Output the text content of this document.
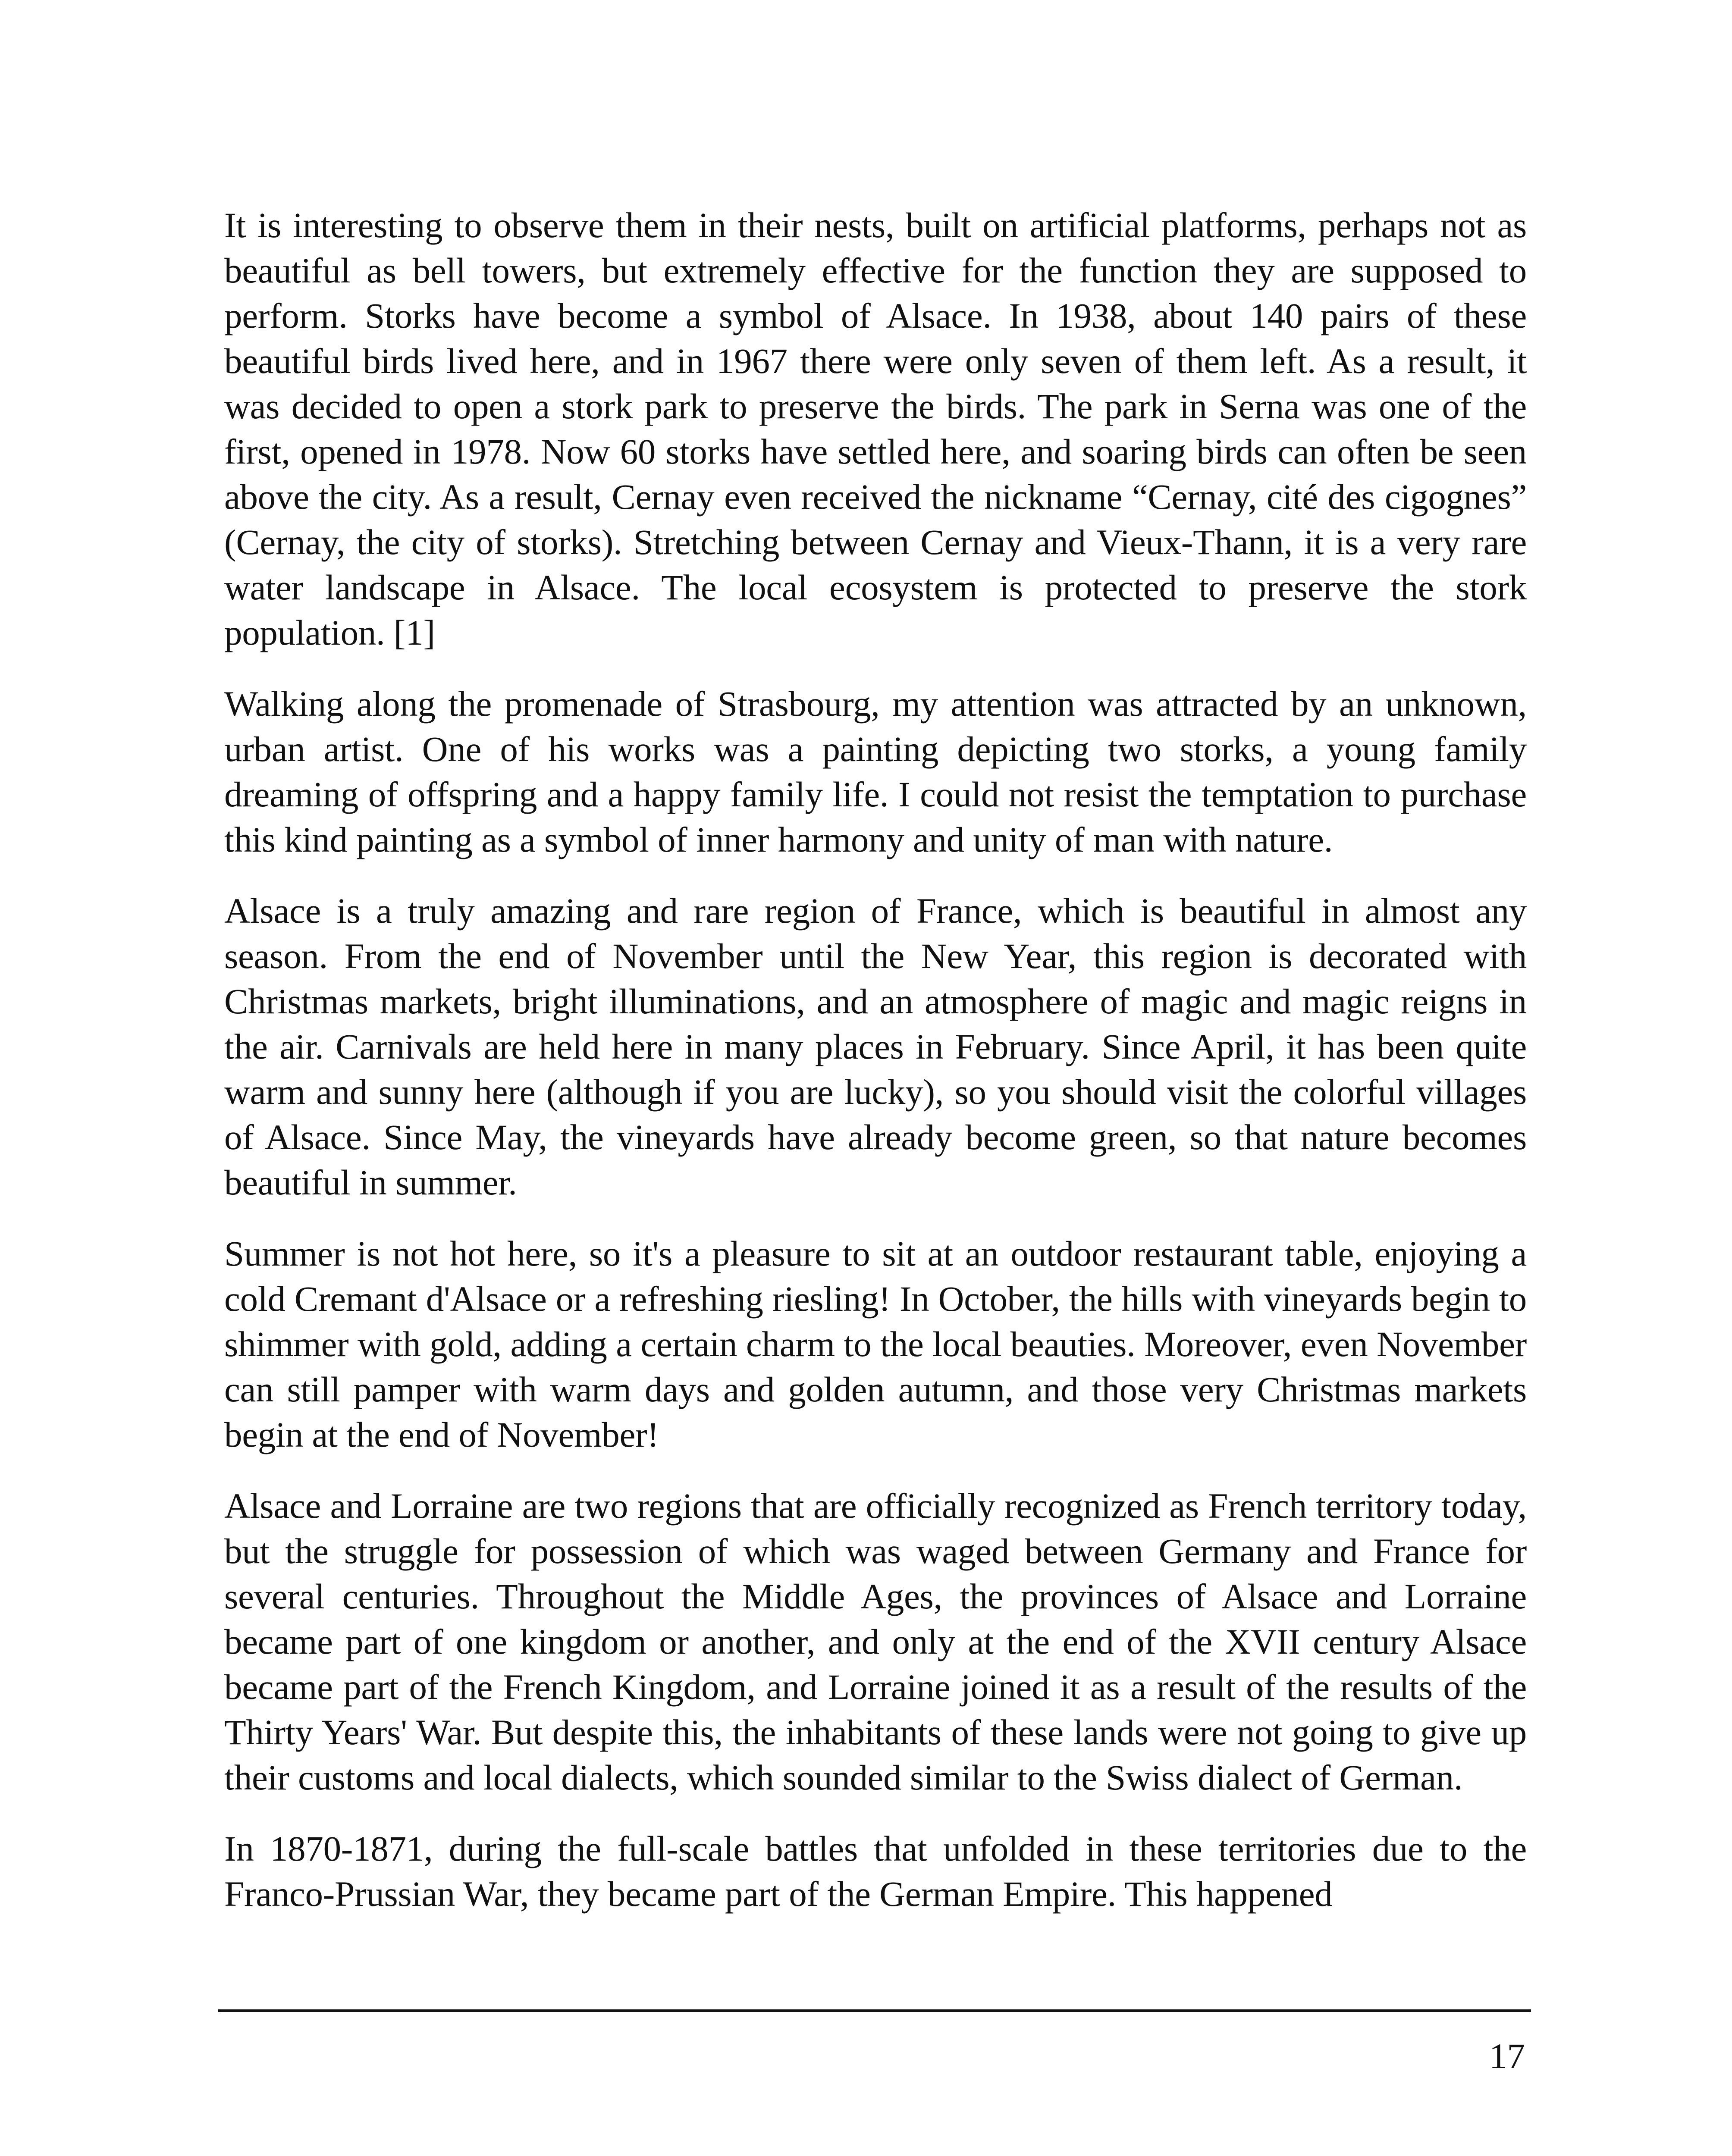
It is interesting to observe them in their nests, built on artificial platforms, perhaps not as beautiful as bell towers, but extremely effective for the function they are supposed to perform. Storks have become a symbol of Alsace. In 1938, about 140 pairs of these beautiful birds lived here, and in 1967 there were only seven of them left. As a result, it was decided to open a stork park to preserve the birds. The park in Serna was one of the first, opened in 1978. Now 60 storks have settled here, and soaring birds can often be seen above the city. As a result, Cernay even received the nickname “Cernay, cité des cigognes” (Cernay, the city of storks). Stretching between Cernay and Vieux-Thann, it is a very rare water landscape in Alsace. The local ecosystem is protected to preserve the stork population. [1]

Walking along the promenade of Strasbourg, my attention was attracted by an unknown, urban artist. One of his works was a painting depicting two storks, a young family dreaming of offspring and a happy family life. I could not resist the temptation to purchase this kind painting as a symbol of inner harmony and unity of man with nature.

Alsace is a truly amazing and rare region of France, which is beautiful in almost any season. From the end of November until the New Year, this region is decorated with Christmas markets, bright illuminations, and an atmosphere of magic and magic reigns in the air. Carnivals are held here in many places in February. Since April, it has been quite warm and sunny here (although if you are lucky), so you should visit the colorful villages of Alsace. Since May, the vineyards have already become green, so that nature becomes beautiful in summer.

Summer is not hot here, so it's a pleasure to sit at an outdoor restaurant table, enjoying a cold Cremant d'Alsace or a refreshing riesling! In October, the hills with vineyards begin to shimmer with gold, adding a certain charm to the local beauties. Moreover, even November can still pamper with warm days and golden autumn, and those very Christmas markets begin at the end of November!

Alsace and Lorraine are two regions that are officially recognized as French territory today, but the struggle for possession of which was waged between Germany and France for several centuries. Throughout the Middle Ages, the provinces of Alsace and Lorraine became part of one kingdom or another, and only at the end of the XVII century Alsace became part of the French Kingdom, and Lorraine joined it as a result of the results of the Thirty Years' War. But despite this, the inhabitants of these lands were not going to give up their customs and local dialects, which sounded similar to the Swiss dialect of German.

In 1870-1871, during the full-scale battles that unfolded in these territories due to the Franco-Prussian War, they became part of the German Empire. This happened

17
